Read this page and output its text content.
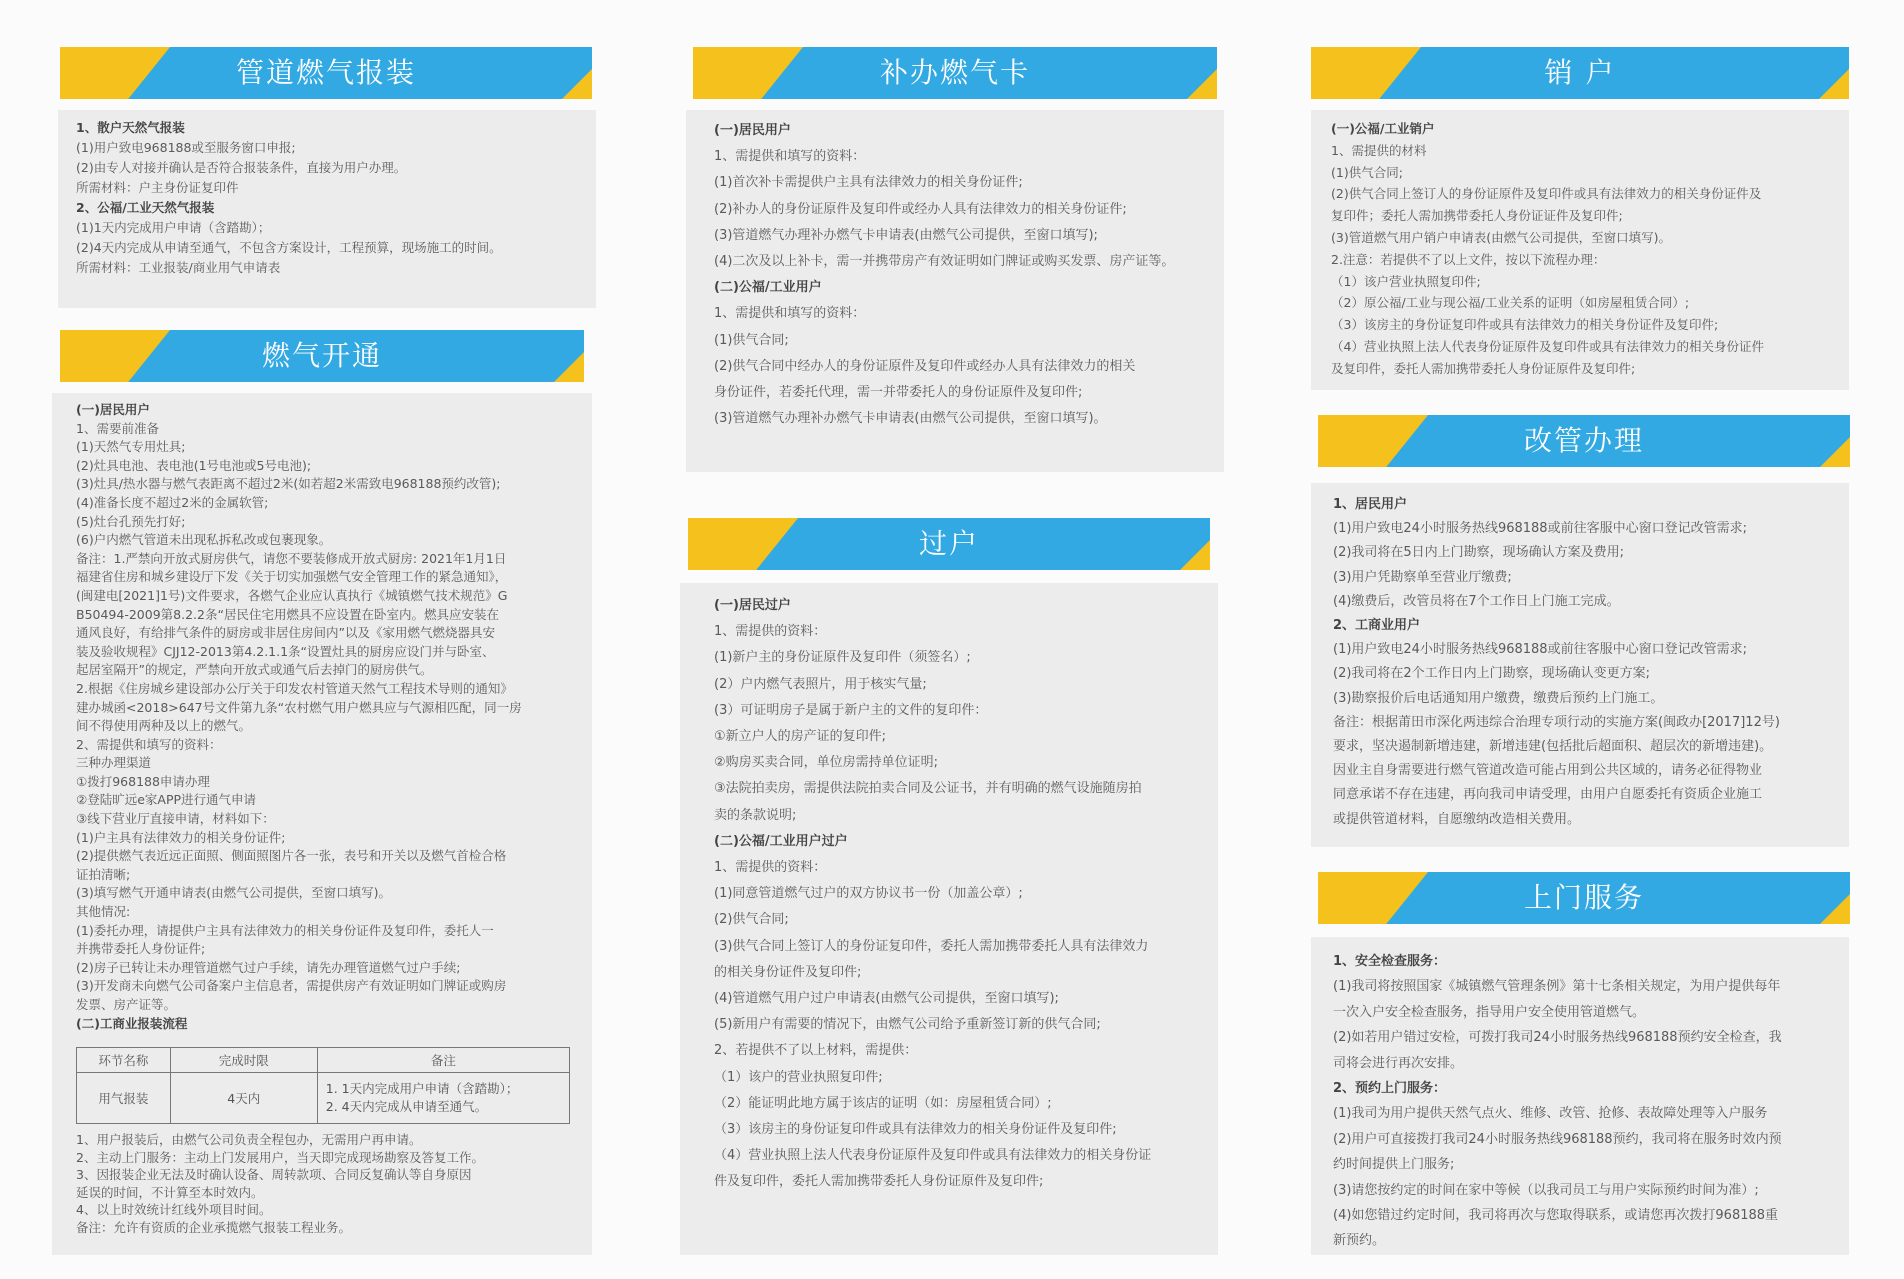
管道燃气报装
1、散户天然气报装
(1)用户致电968188或至服务窗口申报;
(2)由专人对接并确认是否符合报装条件，直接为用户办理。
所需材料：户主身份证复印件
2、公福/工业天然气报装
(1)1天内完成用户申请（含踏勘）；
(2)4天内完成从申请至通气，不包含方案设计，工程预算，现场施工的时间。
所需材料：工业报装/商业用气申请表
燃气开通
(一)居民用户
1、需要前准备
(1)天然气专用灶具;
(2)灶具电池、表电池(1号电池或5号电池);
(3)灶具/热水器与燃气表距离不超过2米(如若超2米需致电968188预约改管);
(4)准备长度不超过2米的金属软管;
(5)灶台孔预先打好;
(6)户内燃气管道未出现私拆私改或包裹现象。
备注：1.严禁向开放式厨房供气，请您不要装修成开放式厨房: 2021年1月1日
福建省住房和城乡建设厅下发《关于切实加强燃气安全管理工作的紧急通知》，
(闽建电[2021]1号)文件要求，各燃气企业应认真执行《城镇燃气技术规范》G
B50494-2009第8.2.2条“居民住宅用燃具不应设置在卧室内。燃具应安装在
通风良好，有给排气条件的厨房或非居住房间内”以及《家用燃气燃烧器具安
装及验收规程》CJJ12-2013第4.2.1.1条“设置灶具的厨房应设门并与卧室、
起居室隔开”的规定，严禁向开放式或通气后去掉门的厨房供气。
2.根据《住房城乡建设部办公厅关于印发农村管道天然气工程技术导则的通知》
建办城函<2018>647号文件第九条“农村燃气用户燃具应与气源相匹配，同一房
间不得使用两种及以上的燃气。
2、需提供和填写的资料：
三种办理渠道
①拨打968188申请办理
②登陆旷远e家APP进行通气申请
③线下营业厅直接申请，材料如下：
(1)户主具有法律效力的相关身份证件;
(2)提供燃气表近远正面照、侧面照图片各一张，表号和开关以及燃气首检合格
证拍清晰;
(3)填写燃气开通申请表(由燃气公司提供，至窗口填写)。
其他情况:
(1)委托办理，请提供户主具有法律效力的相关身份证件及复印件，委托人一
并携带委托人身份证件;
(2)房子已转让未办理管道燃气过户手续，请先办理管道燃气过户手续;
(3)开发商未向燃气公司备案户主信息者，需提供房产有效证明如门牌证或购房
发票、房产证等。
(二)工商业报装流程
环节名称	完成时限	备注
用气报装	4天内	1. 1天内完成用户申请（含踏勘）；
2. 4天内完成从申请至通气。
1、用户报装后，由燃气公司负责全程包办，无需用户再申请。
2、主动上门服务：主动上门发展用户，当天即完成现场勘察及答复工作。
3、因报装企业无法及时确认设备、周转款项、合同反复确认等自身原因
延误的时间，不计算至本时效内。
4、以上时效统计红线外项目时间。
备注：允许有资质的企业承揽燃气报装工程业务。
补办燃气卡
(一)居民用户
1、需提供和填写的资料：
(1)首次补卡需提供户主具有法律效力的相关身份证件;
(2)补办人的身份证原件及复印件或经办人具有法律效力的相关身份证件;
(3)管道燃气办理补办燃气卡申请表(由燃气公司提供，至窗口填写);
(4)二次及以上补卡，需一并携带房产有效证明如门牌证或购买发票、房产证等。
(二)公福/工业用户
1、需提供和填写的资料：
(1)供气合同;
(2)供气合同中经办人的身份证原件及复印件或经办人具有法律效力的相关
身份证件，若委托代理，需一并带委托人的身份证原件及复印件;
(3)管道燃气办理补办燃气卡申请表(由燃气公司提供，至窗口填写)。
过户
(一)居民过户
1、需提供的资料：
(1)新户主的身份证原件及复印件（须签名）;
(2）户内燃气表照片，用于核实气量;
(3）可证明房子是属于新户主的文件的复印件：
①新立户人的房产证的复印件;
②购房买卖合同，单位房需持单位证明;
③法院拍卖房，需提供法院拍卖合同及公证书，并有明确的燃气设施随房拍
卖的条款说明;
(二)公福/工业用户过户
1、需提供的资料：
(1)同意管道燃气过户的双方协议书一份（加盖公章）;
(2)供气合同;
(3)供气合同上签订人的身份证复印件，委托人需加携带委托人具有法律效力
的相关身份证件及复印件;
(4)管道燃气用户过户申请表(由燃气公司提供，至窗口填写);
(5)新用户有需要的情况下，由燃气公司给予重新签订新的供气合同;
2、若提供不了以上材料，需提供：
（1）该户的营业执照复印件;
（2）能证明此地方属于该店的证明（如：房屋租赁合同）;
（3）该房主的身份证复印件或具有法律效力的相关身份证件及复印件;
（4）营业执照上法人代表身份证原件及复印件或具有法律效力的相关身份证
件及复印件，委托人需加携带委托人身份证原件及复印件;
销 户
(一)公福/工业销户
1、需提供的材料
(1)供气合同;
(2)供气合同上签订人的身份证原件及复印件或具有法律效力的相关身份证件及
复印件；委托人需加携带委托人身份证证件及复印件;
(3)管道燃气用户销户申请表(由燃气公司提供，至窗口填写)。
2.注意：若提供不了以上文件，按以下流程办理：
（1）该户营业执照复印件;
（2）原公福/工业与现公福/工业关系的证明（如房屋租赁合同）;
（3）该房主的身份证复印件或具有法律效力的相关身份证件及复印件;
（4）营业执照上法人代表身份证原件及复印件或具有法律效力的相关身份证件
及复印件，委托人需加携带委托人身份证原件及复印件;
改管办理
1、居民用户
(1)用户致电24小时服务热线968188或前往客服中心窗口登记改管需求;
(2)我司将在5日内上门勘察，现场确认方案及费用;
(3)用户凭勘察单至营业厅缴费;
(4)缴费后，改管员将在7个工作日上门施工完成。
2、工商业用户
(1)用户致电24小时服务热线968188或前往客服中心窗口登记改管需求;
(2)我司将在2个工作日内上门勘察，现场确认变更方案;
(3)勘察报价后电话通知用户缴费，缴费后预约上门施工。
备注：根据莆田市深化两违综合治理专项行动的实施方案(闽政办[2017]12号)
要求，坚决遏制新增违建，新增违建(包括批后超面积、超层次的新增违建)。
因业主自身需要进行燃气管道改造可能占用到公共区域的，请务必征得物业
同意承诺不存在违建，再向我司申请受理，由用户自愿委托有资质企业施工
或提供管道材料，自愿缴纳改造相关费用。
上门服务
1、安全检查服务：
(1)我司将按照国家《城镇燃气管理条例》第十七条相关规定，为用户提供每年
一次入户安全检查服务，指导用户安全使用管道燃气。
(2)如若用户错过安检，可拨打我司24小时服务热线968188预约安全检查，我
司将会进行再次安排。
2、预约上门服务：
(1)我司为用户提供天然气点火、维修、改管、抢修、表故障处理等入户服务
(2)用户可直接拨打我司24小时服务热线968188预约，我司将在服务时效内预
约时间提供上门服务;
(3)请您按约定的时间在家中等候（以我司员工与用户实际预约时间为准）;
(4)如您错过约定时间，我司将再次与您取得联系，或请您再次拨打968188重
新预约。
